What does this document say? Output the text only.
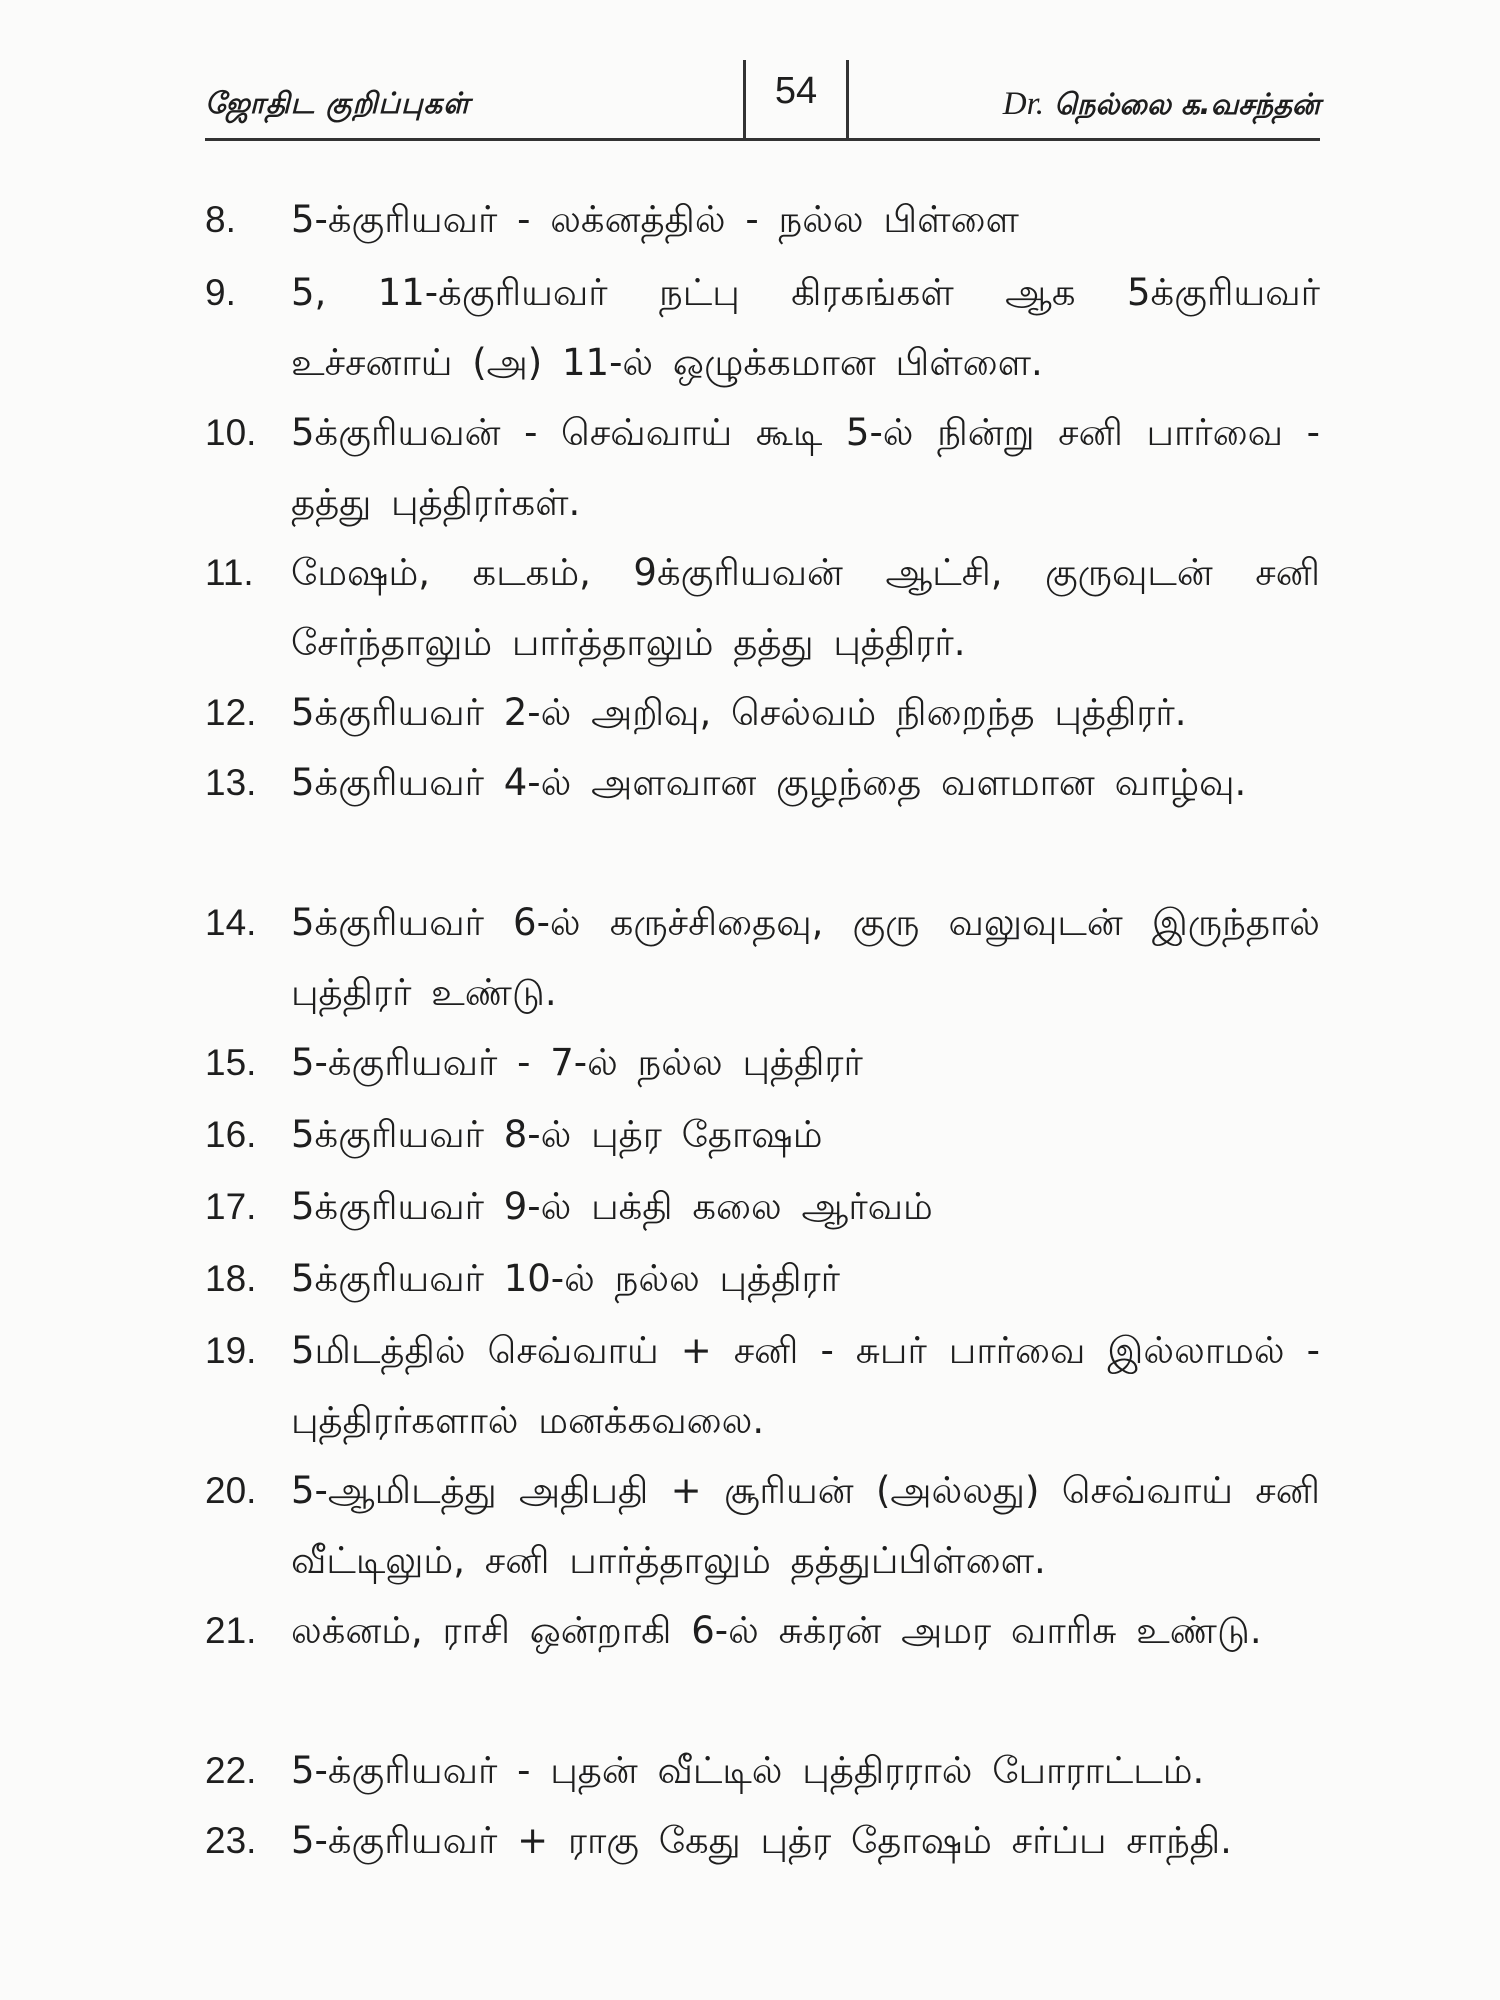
ஜோதிட குறிப்புகள்	54	Dr. நெல்லை க.வசந்தன்
8. 5-க்குரியவர் - லக்னத்தில் - நல்ல பிள்ளை
9. 5, 11-க்குரியவர் நட்பு கிரகங்கள் ஆக 5க்குரியவர் உச்சனாய் (அ) 11-ல் ஒழுக்கமான பிள்ளை.
10. 5க்குரியவன் - செவ்வாய் கூடி 5-ல் நின்று சனி பார்வை - தத்து புத்திரர்கள்.
11. மேஷம், கடகம், 9க்குரியவன் ஆட்சி, குருவுடன் சனி சேர்ந்தாலும் பார்த்தாலும் தத்து புத்திரர்.
12. 5க்குரியவர் 2-ல் அறிவு, செல்வம் நிறைந்த புத்திரர்.
13. 5க்குரியவர் 4-ல் அளவான குழந்தை வளமான வாழ்வு.
14. 5க்குரியவர் 6-ல் கருச்சிதைவு, குரு வலுவுடன் இருந்தால் புத்திரர் உண்டு.
15. 5-க்குரியவர் - 7-ல் நல்ல புத்திரர்
16. 5க்குரியவர் 8-ல் புத்ர தோஷம்
17. 5க்குரியவர் 9-ல் பக்தி கலை ஆர்வம்
18. 5க்குரியவர் 10-ல் நல்ல புத்திரர்
19. 5மிடத்தில் செவ்வாய் + சனி - சுபர் பார்வை இல்லாமல் - புத்திரர்களால் மனக்கவலை.
20. 5-ஆமிடத்து அதிபதி + சூரியன் (அல்லது) செவ்வாய் சனி வீட்டிலும், சனி பார்த்தாலும் தத்துப்பிள்ளை.
21. லக்னம், ராசி ஒன்றாகி 6-ல் சுக்ரன் அமர வாரிசு உண்டு.
22. 5-க்குரியவர் - புதன் வீட்டில் புத்திரரால் போராட்டம்.
23. 5-க்குரியவர் + ராகு கேது புத்ர தோஷம் சர்ப்ப சாந்தி.
